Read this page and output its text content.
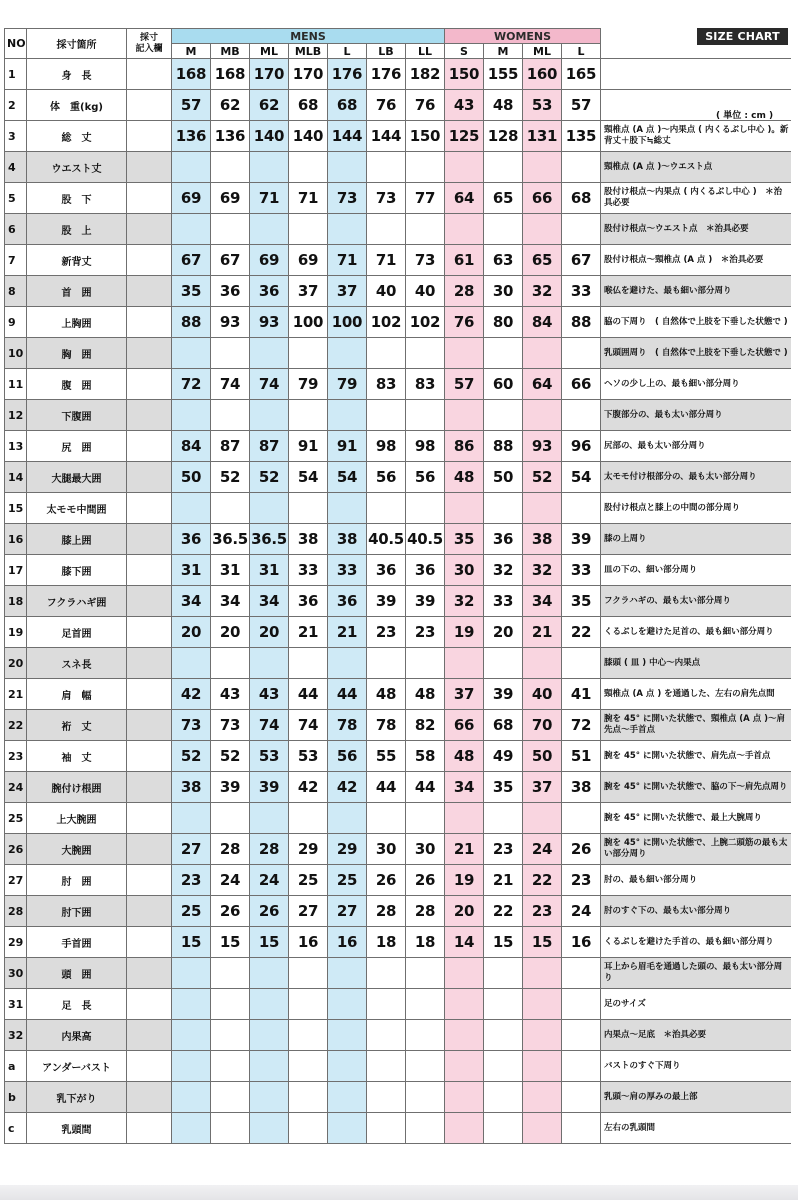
SIZE CHART
( 単位 : cm )
NO	採寸箇所	採寸
記入欄	MENS							WOMENS				
			M	MB	ML	MLB	L	LB	LL	S	M	ML	L	
1	身　長		168	168	170	170	176	176	182	150	155	160	165	
2	体　重(kg)		57	62	62	68	68	76	76	43	48	53	57	
3	総　丈		136	136	140	140	144	144	150	125	128	131	135	頸椎点 (A 点 )〜内果点 ( 内くるぶし中心 )。新背丈＋股下≒総丈
4	ウエスト丈													頸椎点 (A 点 )〜ウエスト点
5	股　下		69	69	71	71	73	73	77	64	65	66	68	股付け根点〜内果点 ( 内くるぶし中心 )　＊治具必要
6	股　上													股付け根点〜ウエスト点　＊治具必要
7	新背丈		67	67	69	69	71	71	73	61	63	65	67	股付け根点〜頸椎点 (A 点 )　＊治具必要
8	首　囲		35	36	36	37	37	40	40	28	30	32	33	喉仏を避けた、最も細い部分周り
9	上胸囲		88	93	93	100	100	102	102	76	80	84	88	脇の下周り　( 自然体で上肢を下垂した状態で )
10	胸　囲													乳頭囲周り　( 自然体で上肢を下垂した状態で )
11	腹　囲		72	74	74	79	79	83	83	57	60	64	66	ヘソの少し上の、最も細い部分周り
12	下腹囲													下腹部分の、最も太い部分周り
13	尻　囲		84	87	87	91	91	98	98	86	88	93	96	尻部の、最も太い部分周り
14	大腿最大囲		50	52	52	54	54	56	56	48	50	52	54	太モモ付け根部分の、最も太い部分周り
15	太モモ中間囲													股付け根点と膝上の中間の部分周り
16	膝上囲		36	36.5	36.5	38	38	40.5	40.5	35	36	38	39	膝の上周り
17	膝下囲		31	31	31	33	33	36	36	30	32	32	33	皿の下の、細い部分周り
18	フクラハギ囲		34	34	34	36	36	39	39	32	33	34	35	フクラハギの、最も太い部分周り
19	足首囲		20	20	20	21	21	23	23	19	20	21	22	くるぶしを避けた足首の、最も細い部分周り
20	スネ長													膝頭 ( 皿 ) 中心〜内果点
21	肩　幅		42	43	43	44	44	48	48	37	39	40	41	頸椎点 (A 点 ) を通過した、左右の肩先点間
22	裄　丈		73	73	74	74	78	78	82	66	68	70	72	腕を 45° に開いた状態で、頸椎点 (A 点 )〜肩先点〜手首点
23	袖　丈		52	52	53	53	56	55	58	48	49	50	51	腕を 45° に開いた状態で、肩先点〜手首点
24	腕付け根囲		38	39	39	42	42	44	44	34	35	37	38	腕を 45° に開いた状態で、脇の下〜肩先点周り
25	上大腕囲													腕を 45° に開いた状態で、最上大腕周り
26	大腕囲		27	28	28	29	29	30	30	21	23	24	26	腕を 45° に開いた状態で、上腕二頭筋の最も太い部分周り
27	肘　囲		23	24	24	25	25	26	26	19	21	22	23	肘の、最も細い部分周り
28	肘下囲		25	26	26	27	27	28	28	20	22	23	24	肘のすぐ下の、最も太い部分周り
29	手首囲		15	15	15	16	16	18	18	14	15	15	16	くるぶしを避けた手首の、最も細い部分周り
30	頭　囲													耳上から眉毛を通過した頭の、最も太い部分周り
31	足　長													足のサイズ
32	内果高													内果点〜足底　＊治具必要
a	アンダーバスト													バストのすぐ下周り
b	乳下がり													乳頭〜肩の厚みの最上部
c	乳頭間													左右の乳頭間
